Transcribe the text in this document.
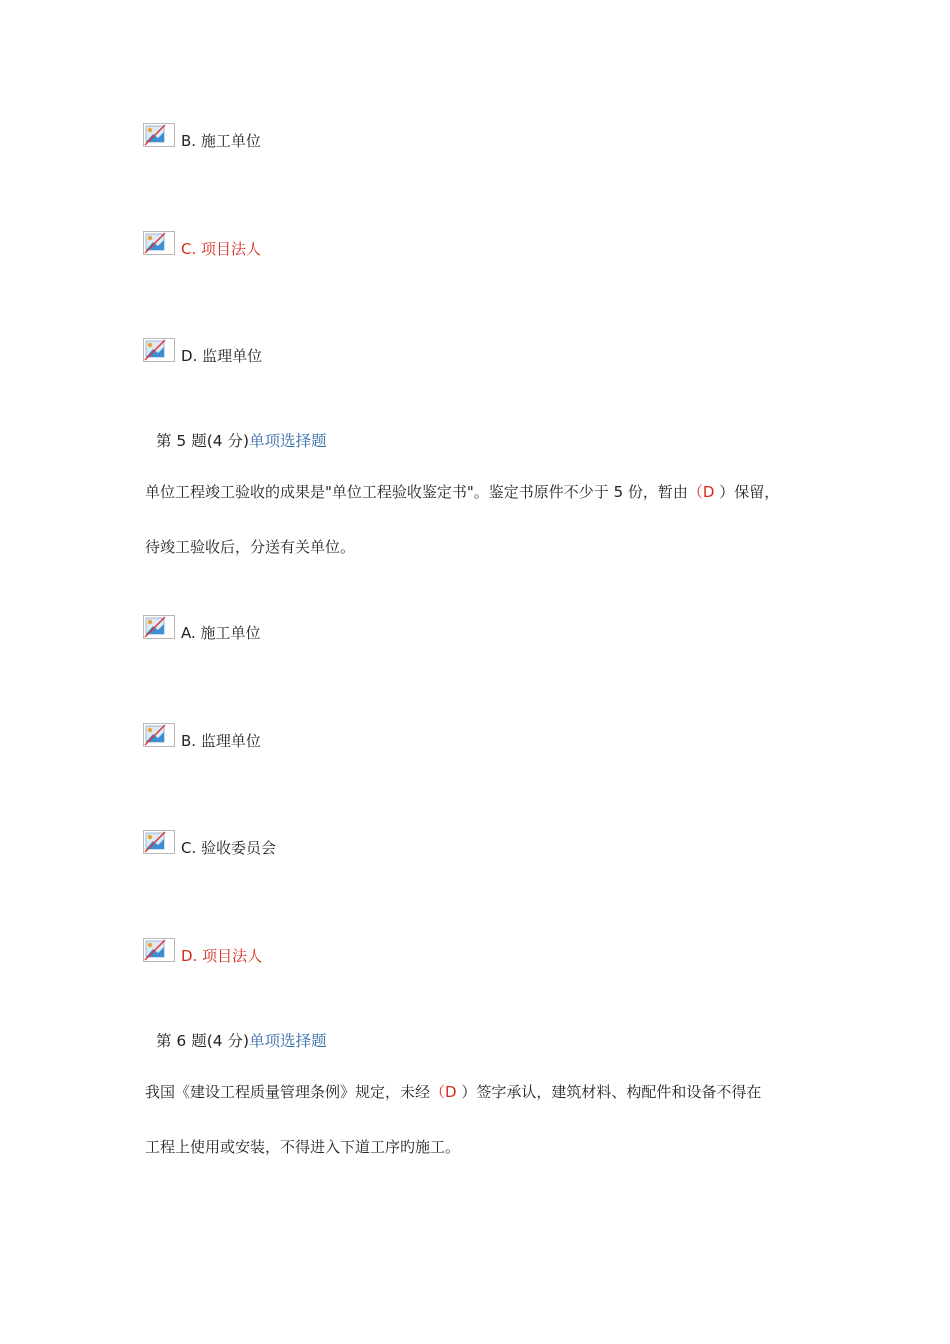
B. 施工单位
C. 项目法人
D. 监理单位
第 5 题(4 分)单项选择题
单位工程竣工验收的成果是"单位工程验收鉴定书"。鉴定书原件不少于 5 份，暂由（D ）保留，
待竣工验收后，分送有关单位。
A. 施工单位
B. 监理单位
C. 验收委员会
D. 项目法人
第 6 题(4 分)单项选择题
我国《建设工程质量管理条例》规定，未经（D ）签字承认，建筑材料、构配件和设备不得在
工程上使用或安装，不得进入下道工序旳施工。
